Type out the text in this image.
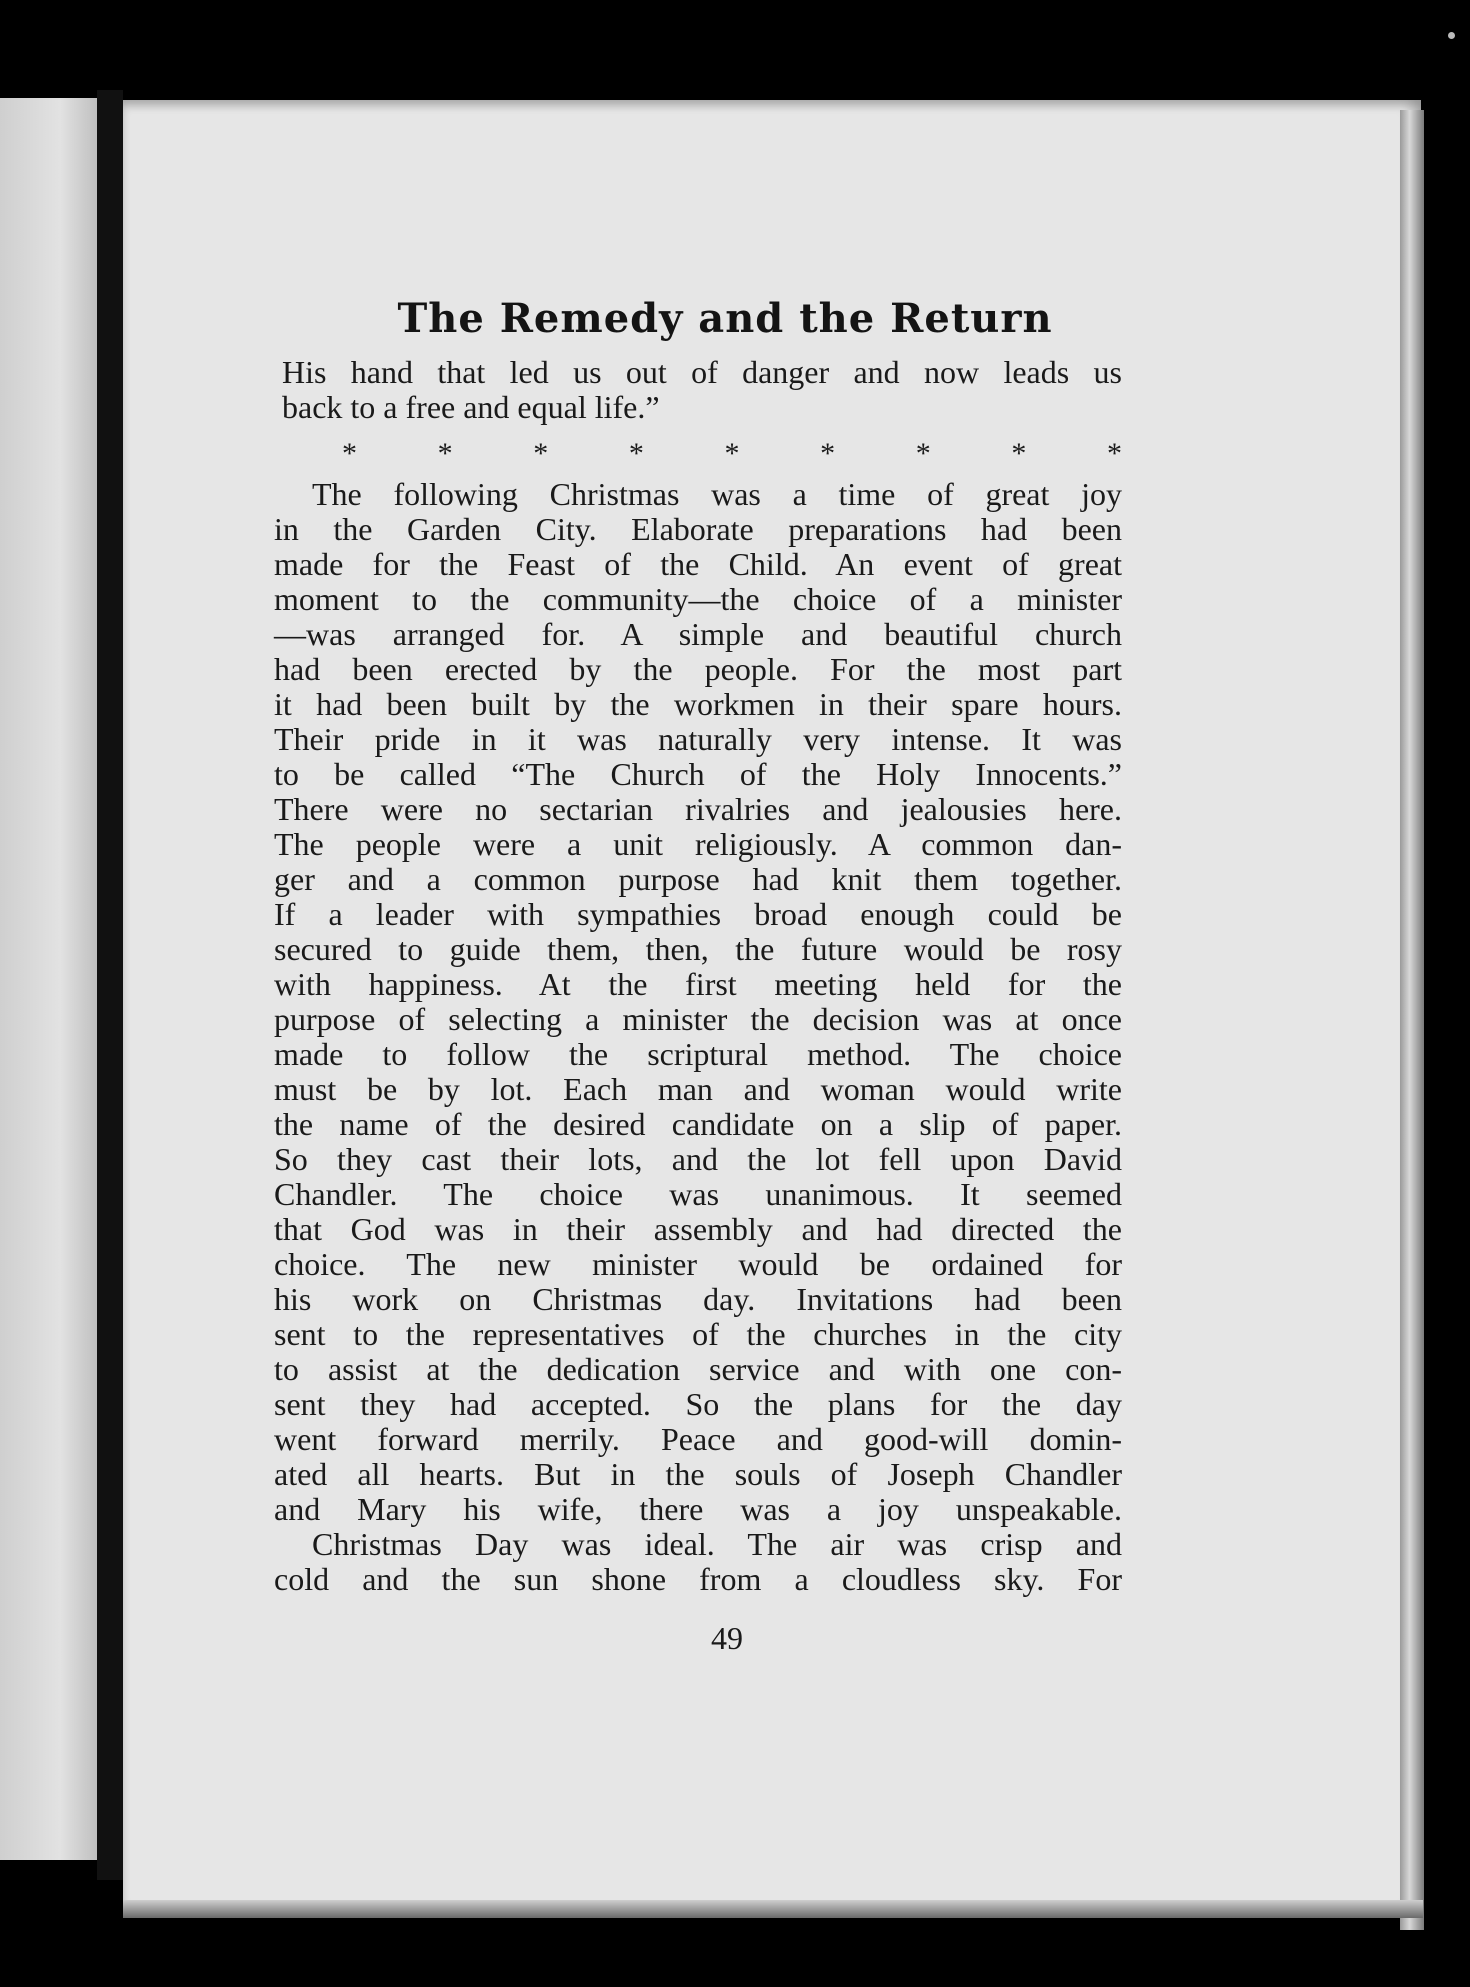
The Remedy and the Return
His hand that led us out of danger and now leads us
back to a free and equal life.”
*	*	*	*	*	*	*	*	*
The following Christmas was a time of great joy
in the Garden City. Elaborate preparations had been
made for the Feast of the Child. An event of great
moment to the community—the choice of a minister
—was arranged for. A simple and beautiful church
had been erected by the people. For the most part
it had been built by the workmen in their spare hours.
Their pride in it was naturally very intense. It was
to be called “The Church of the Holy Innocents.”
There were no sectarian rivalries and jealousies here.
The people were a unit religiously. A common dan-
ger and a common purpose had knit them together.
If a leader with sympathies broad enough could be
secured to guide them, then, the future would be rosy
with happiness. At the first meeting held for the
purpose of selecting a minister the decision was at once
made to follow the scriptural method. The choice
must be by lot. Each man and woman would write
the name of the desired candidate on a slip of paper.
So they cast their lots, and the lot fell upon David
Chandler. The choice was unanimous. It seemed
that God was in their assembly and had directed the
choice. The new minister would be ordained for
his work on Christmas day. Invitations had been
sent to the representatives of the churches in the city
to assist at the dedication service and with one con-
sent they had accepted. So the plans for the day
went forward merrily. Peace and good-will domin-
ated all hearts. But in the souls of Joseph Chandler
and Mary his wife, there was a joy unspeakable.
Christmas Day was ideal. The air was crisp and
cold and the sun shone from a cloudless sky. For
49
